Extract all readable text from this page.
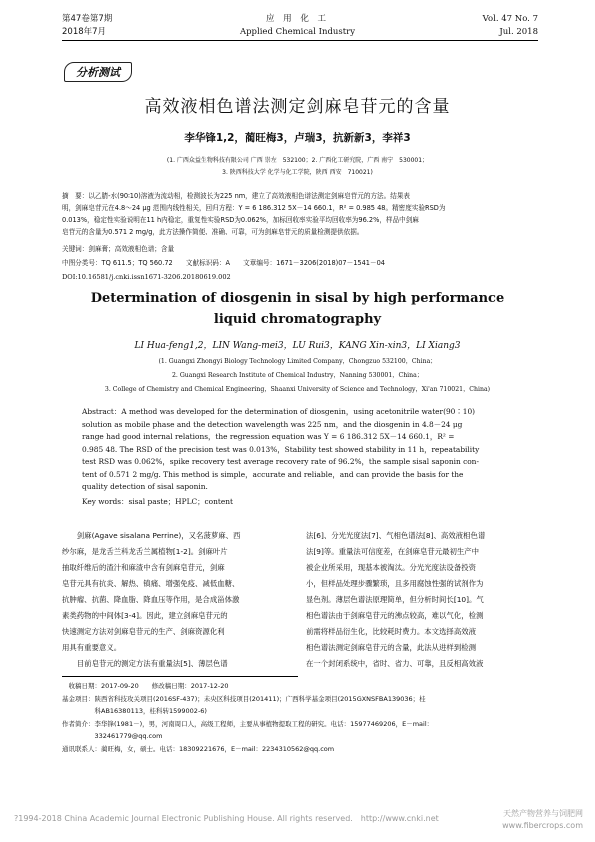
第47卷第7期
2018年7月
应 用 化 工
Applied Chemical Industry
Vol. 47 No. 7
Jul. 2018
分析测试
高效液相色谱法测定剑麻皂苷元的含量
李华锋1,2，蔺旺梅3，卢瑞3，抗新新3，李祥3
(1. 广西众益生物科技有限公司 广西 崇左　532100；2. 广西化工研究院，广西 南宁　530001；
3. 陕西科技大学 化学与化工学院，陕西 西安　710021)
摘　要：以乙腈-水(90∶10)溶液为流动相，检测波长为225 nm，建立了高效液相色谱法测定剑麻皂苷元的方法。结果表
明，剑麻皂苷元在4.8～24 μg 范围内线性相关，回归方程：Y = 6 186.312 5X－14 660.1，R² = 0.985 48。精密度实验RSD为
0.013%，稳定性实验说明在11 h内稳定，重复性实验RSD为0.062%，加标回收率实验平均回收率为96.2%，样品中剑麻
皂苷元的含量为0.571 2 mg/g，此方法操作简便、准确、可靠，可为剑麻皂苷元的质量检测提供依据。
关键词：剑麻膏；高效液相色谱；含量
中图分类号：TQ 611.5；TQ 560.72　　文献标识码：A　　文章编号：1671－3206(2018)07－1541－04
DOI:10.16581/j.cnki.issn1671-3206.20180619.002
Determination of diosgenin in sisal by high performance
liquid chromatography
LI Hua-feng1,2，LIN Wang-mei3，LU Rui3，KANG Xin-xin3，LI Xiang3
(1. Guangxi Zhongyi Biology Technology Limited Company，Chongzuo 532100，China；
2. Guangxi Research Institute of Chemical Industry，Nanning 530001，China；
3. College of Chemistry and Chemical Engineering，Shaanxi University of Science and Technology，Xi'an 710021，China)
Abstract：A method was developed for the determination of diosgenin，using acetonitrile water(90∶10)
solution as mobile phase and the detection wavelength was 225 nm，and the diosgenin in 4.8－24 μg
range had good internal relations，the regression equation was Y = 6 186.312 5X－14 660.1，R² =
0.985 48. The RSD of the precision test was 0.013%，Stability test showed stability in 11 h，repeatability
test RSD was 0.062%，spike recovery test average recovery rate of 96.2%，the sample sisal saponin con-
tent of 0.571 2 mg/g. This method is simple，accurate and reliable，and can provide the basis for the
quality detection of sisal saponin.
Key words：sisal paste；HPLC；content
　　剑麻(Agave sisalana Perrine)，又名菠萝麻、西
纱尔麻，是龙舌兰科龙舌兰属植物[1-2]。剑麻叶片
抽取纤维后的渣汁和麻渣中含有剑麻皂苷元，剑麻
皂苷元具有抗炎、解热、镇痛、增强免疫、减低血糖、
抗肿瘤、抗菌、降血脂、降血压等作用，是合成甾体激
素类药物的中间体[3-4]。因此，建立剑麻皂苷元的
快速测定方法对剑麻皂苷元的生产、剑麻资源化利
用具有重要意义。
　　目前皂苷元的测定方法有重量法[5]、薄层色谱
法[6]、分光光度法[7]、气相色谱法[8]、高效液相色谱
法[9]等。重量法可信度差，在剑麻皂苷元最初生产中
被企业所采用，现基本被淘汰。分光光度法设备投资
小，但样品处理步骤繁琐，且多用腐蚀性强的试剂作为
显色剂。薄层色谱法原理简单，但分析时间长[10]。气
相色谱法由于剑麻皂苷元的沸点较高，难以气化，检测
前需将样品衍生化，比较耗时费力。本文选择高效液
相色谱法测定剑麻皂苷元的含量，此法从进样到检测
在一个封闭系统中，省时、省力、可靠，且反相高效液
　收稿日期：2017-09-20　　修改稿日期：2017-12-20
基金项目：陕西省科技攻关项目(2016SF-437)；未央区科技项目(201411)；广西科学基金项目(2015GXNSFBA139036；桂
　　　　　科AB16380113，桂科转1599002-6)
作者简介：李华锋(1981－)，男，河南周口人，高级工程师，主要从事植物提取工程的研究。电话：15977469206，E－mail：
　　　　　332461779@qq.com
通讯联系人：蔺旺梅，女，硕士。电话：18309221676，E－mail：2234310562@qq.com
?1994-2018 China Academic Journal Electronic Publishing House. All rights reserved.　http://www.cnki.net
天然产物营养与饲肥网 www.fibercrops.com
